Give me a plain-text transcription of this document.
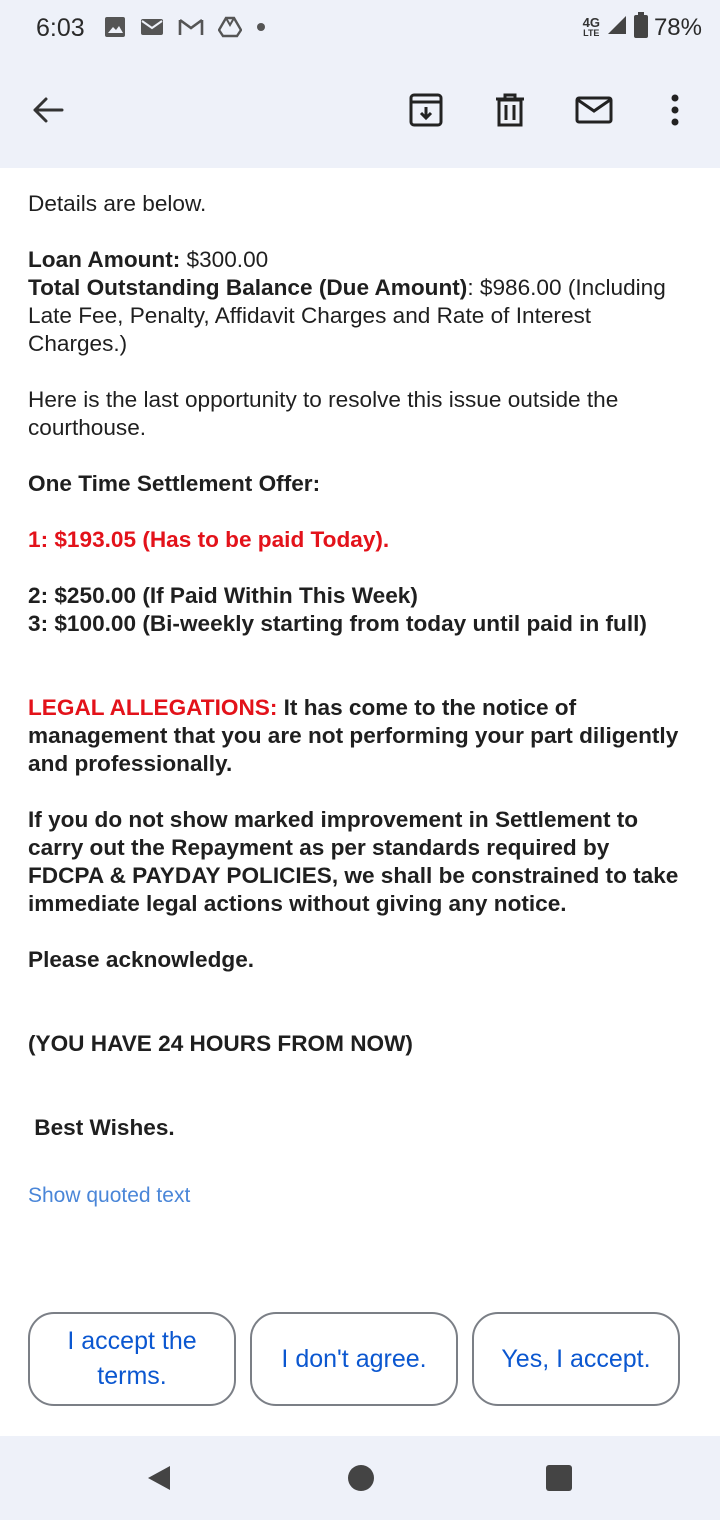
6:03	4G
LTE 78%

Details are below.

Loan Amount: $300.00

Total Outstanding Balance (Due Amount): $986.00 (Including Late Fee, Penalty, Affidavit Charges and Rate of Interest Charges.)

Here is the last opportunity to resolve this issue outside the courthouse.

One Time Settlement Offer:

1: $193.05 (Has to be paid Today).

2: $250.00 (If Paid Within This Week)

3: $100.00 (Bi-weekly starting from today until paid in full)

LEGAL ALLEGATIONS: It has come to the notice of management that you are not performing your part diligently and professionally.

If you do not show marked improvement in Settlement to carry out the Repayment as per standards required by FDCPA & PAYDAY POLICIES, we shall be constrained to take immediate legal actions without giving any notice.

Please acknowledge.

(YOU HAVE 24 HOURS FROM NOW)

Best Wishes.

Show quoted text

I accept the terms.
I don't agree.	Yes, I accept.
